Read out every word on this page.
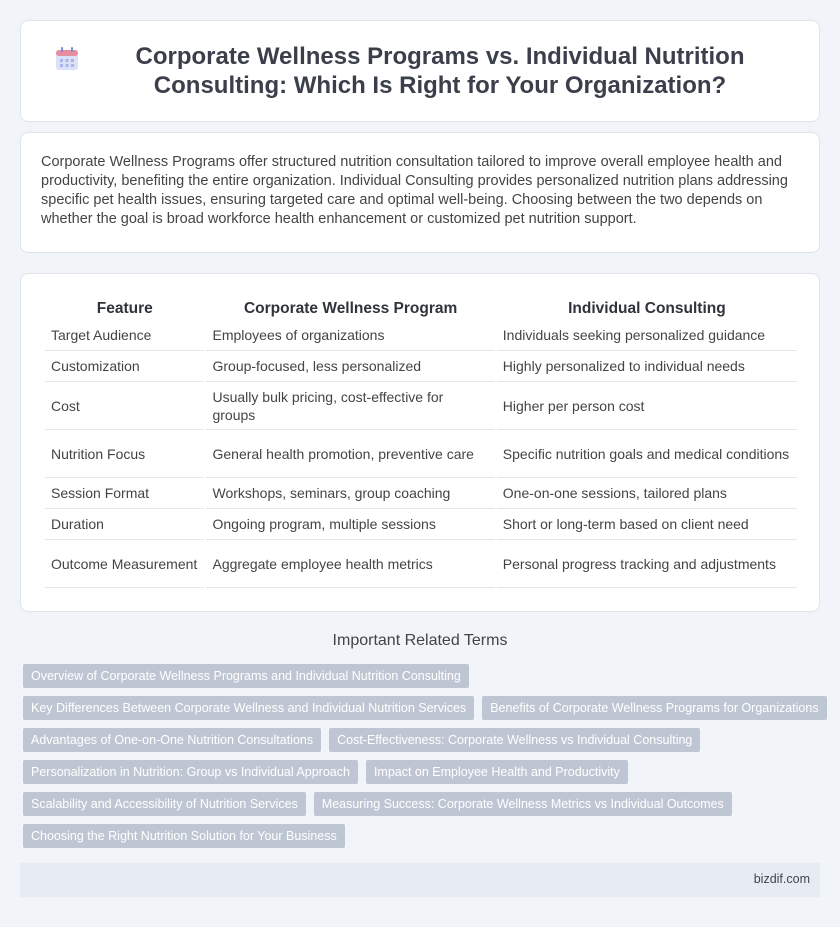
Corporate Wellness Programs vs. Individual Nutrition Consulting: Which Is Right for Your Organization?

Corporate Wellness Programs offer structured nutrition consultation tailored to improve overall employee health and productivity, benefiting the entire organization. Individual Consulting provides personalized nutrition plans addressing specific pet health issues, ensuring targeted care and optimal well-being. Choosing between the two depends on whether the goal is broad workforce health enhancement or customized pet nutrition support.

Feature	Corporate Wellness Program	Individual Consulting
Target Audience	Employees of organizations	Individuals seeking personalized guidance
Customization	Group-focused, less personalized	Highly personalized to individual needs
Cost	Usually bulk pricing, cost-effective for groups	Higher per person cost
Nutrition Focus	General health promotion, preventive care	Specific nutrition goals and medical conditions
Session Format	Workshops, seminars, group coaching	One-on-one sessions, tailored plans
Duration	Ongoing program, multiple sessions	Short or long-term based on client need
Outcome Measurement	Aggregate employee health metrics	Personal progress tracking and adjustments
Important Related Terms
Overview of Corporate Wellness Programs and Individual Nutrition Consulting
Key Differences Between Corporate Wellness and Individual Nutrition Services	Benefits of Corporate Wellness Programs for Organizations
Advantages of One-on-One Nutrition Consultations	Cost-Effectiveness: Corporate Wellness vs Individual Consulting
Personalization in Nutrition: Group vs Individual Approach	Impact on Employee Health and Productivity
Scalability and Accessibility of Nutrition Services	Measuring Success: Corporate Wellness Metrics vs Individual Outcomes
Choosing the Right Nutrition Solution for Your Business
bizdif.com
